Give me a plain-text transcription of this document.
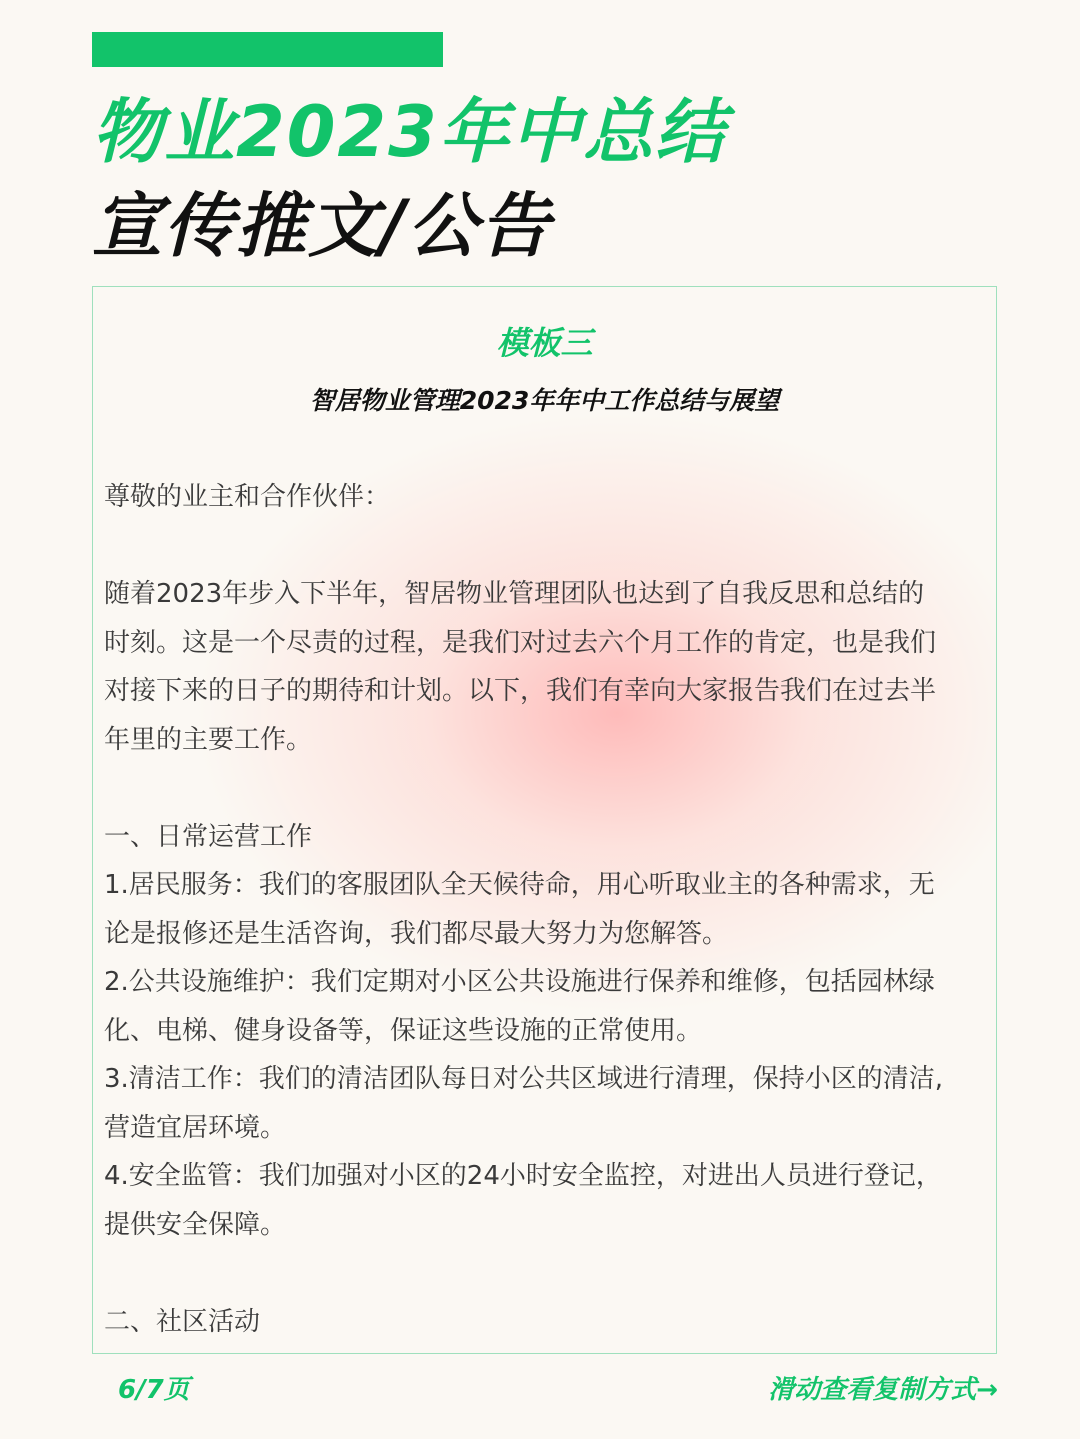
物业2023年中总结
宣传推文/公告
模板三
智居物业管理2023年年中工作总结与展望

尊敬的业主和合作伙伴：

随着2023年步入下半年，智居物业管理团队也达到了自我反思和总结的

时刻。这是一个尽责的过程，是我们对过去六个月工作的肯定，也是我们

对接下来的日子的期待和计划。以下，我们有幸向大家报告我们在过去半

年里的主要工作。

一、日常运营工作

1.居民服务：我们的客服团队全天候待命，用心听取业主的各种需求，无

论是报修还是生活咨询，我们都尽最大努力为您解答。

2.公共设施维护：我们定期对小区公共设施进行保养和维修，包括园林绿

化、电梯、健身设备等，保证这些设施的正常使用。

3.清洁工作：我们的清洁团队每日对公共区域进行清理，保持小区的清洁,

营造宜居环境。

4.安全监管：我们加强对小区的24小时安全监控，对进出人员进行登记，

提供安全保障。

二、社区活动

6/7页	滑动查看复制方式→
